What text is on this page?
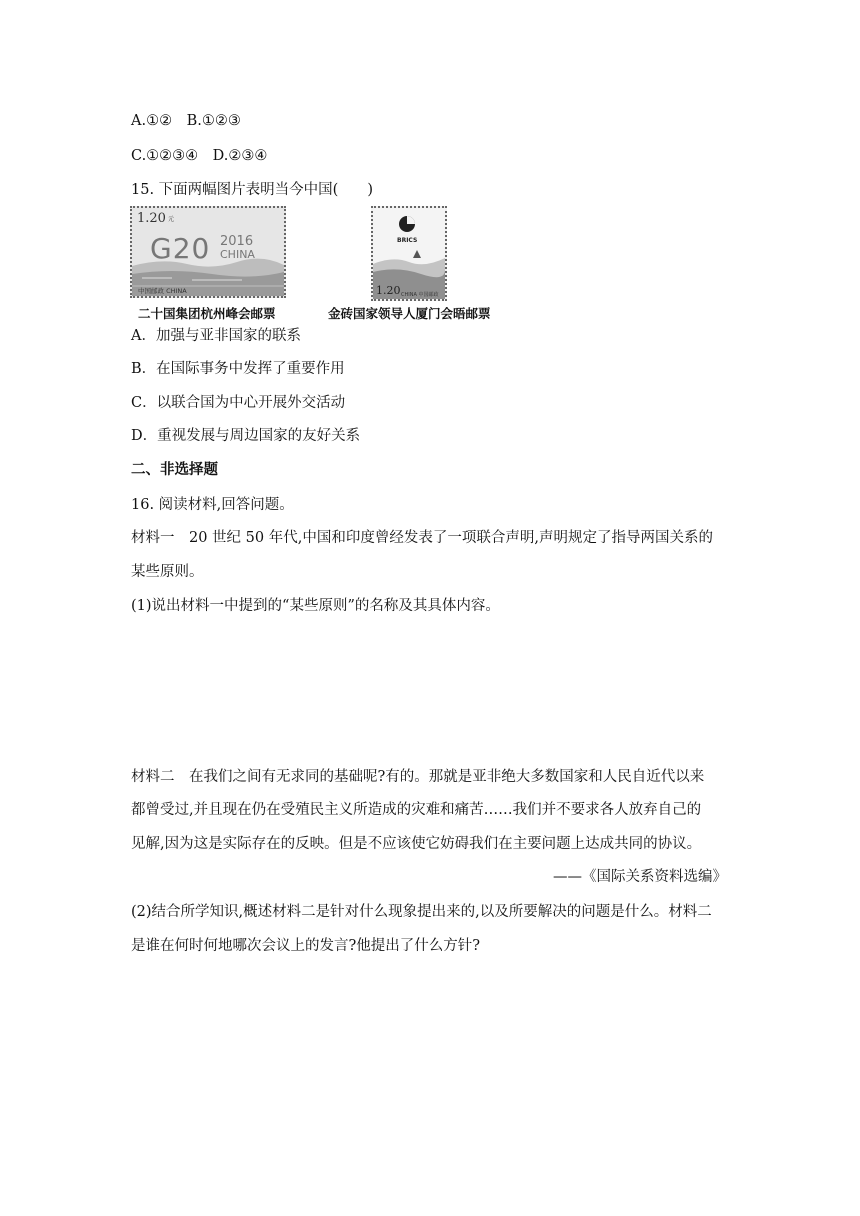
A.①②　B.①②③
C.①②③④　D.②③④
15. 下面两幅图片表明当今中国(　　)
1.20 元
G20 2016
CHINA
中国邮政 CHINA
二十国集团杭州峰会邮票
BRICS
1.20 CHINA 中国邮政
金砖国家领导人厦门会晤邮票
A．加强与亚非国家的联系
B．在国际事务中发挥了重要作用
C．以联合国为中心开展外交活动
D．重视发展与周边国家的友好关系
二、非选择题
16. 阅读材料,回答问题。
材料一　20 世纪 50 年代,中国和印度曾经发表了一项联合声明,声明规定了指导两国关系的
某些原则。
(1)说出材料一中提到的“某些原则”的名称及其具体内容。
材料二　在我们之间有无求同的基础呢?有的。那就是亚非绝大多数国家和人民自近代以来
都曾受过,并且现在仍在受殖民主义所造成的灾难和痛苦……我们并不要求各人放弃自己的
见解,因为这是实际存在的反映。但是不应该使它妨碍我们在主要问题上达成共同的协议。
——《国际关系资料选编》
(2)结合所学知识,概述材料二是针对什么现象提出来的,以及所要解决的问题是什么。材料二
是谁在何时何地哪次会议上的发言?他提出了什么方针?
